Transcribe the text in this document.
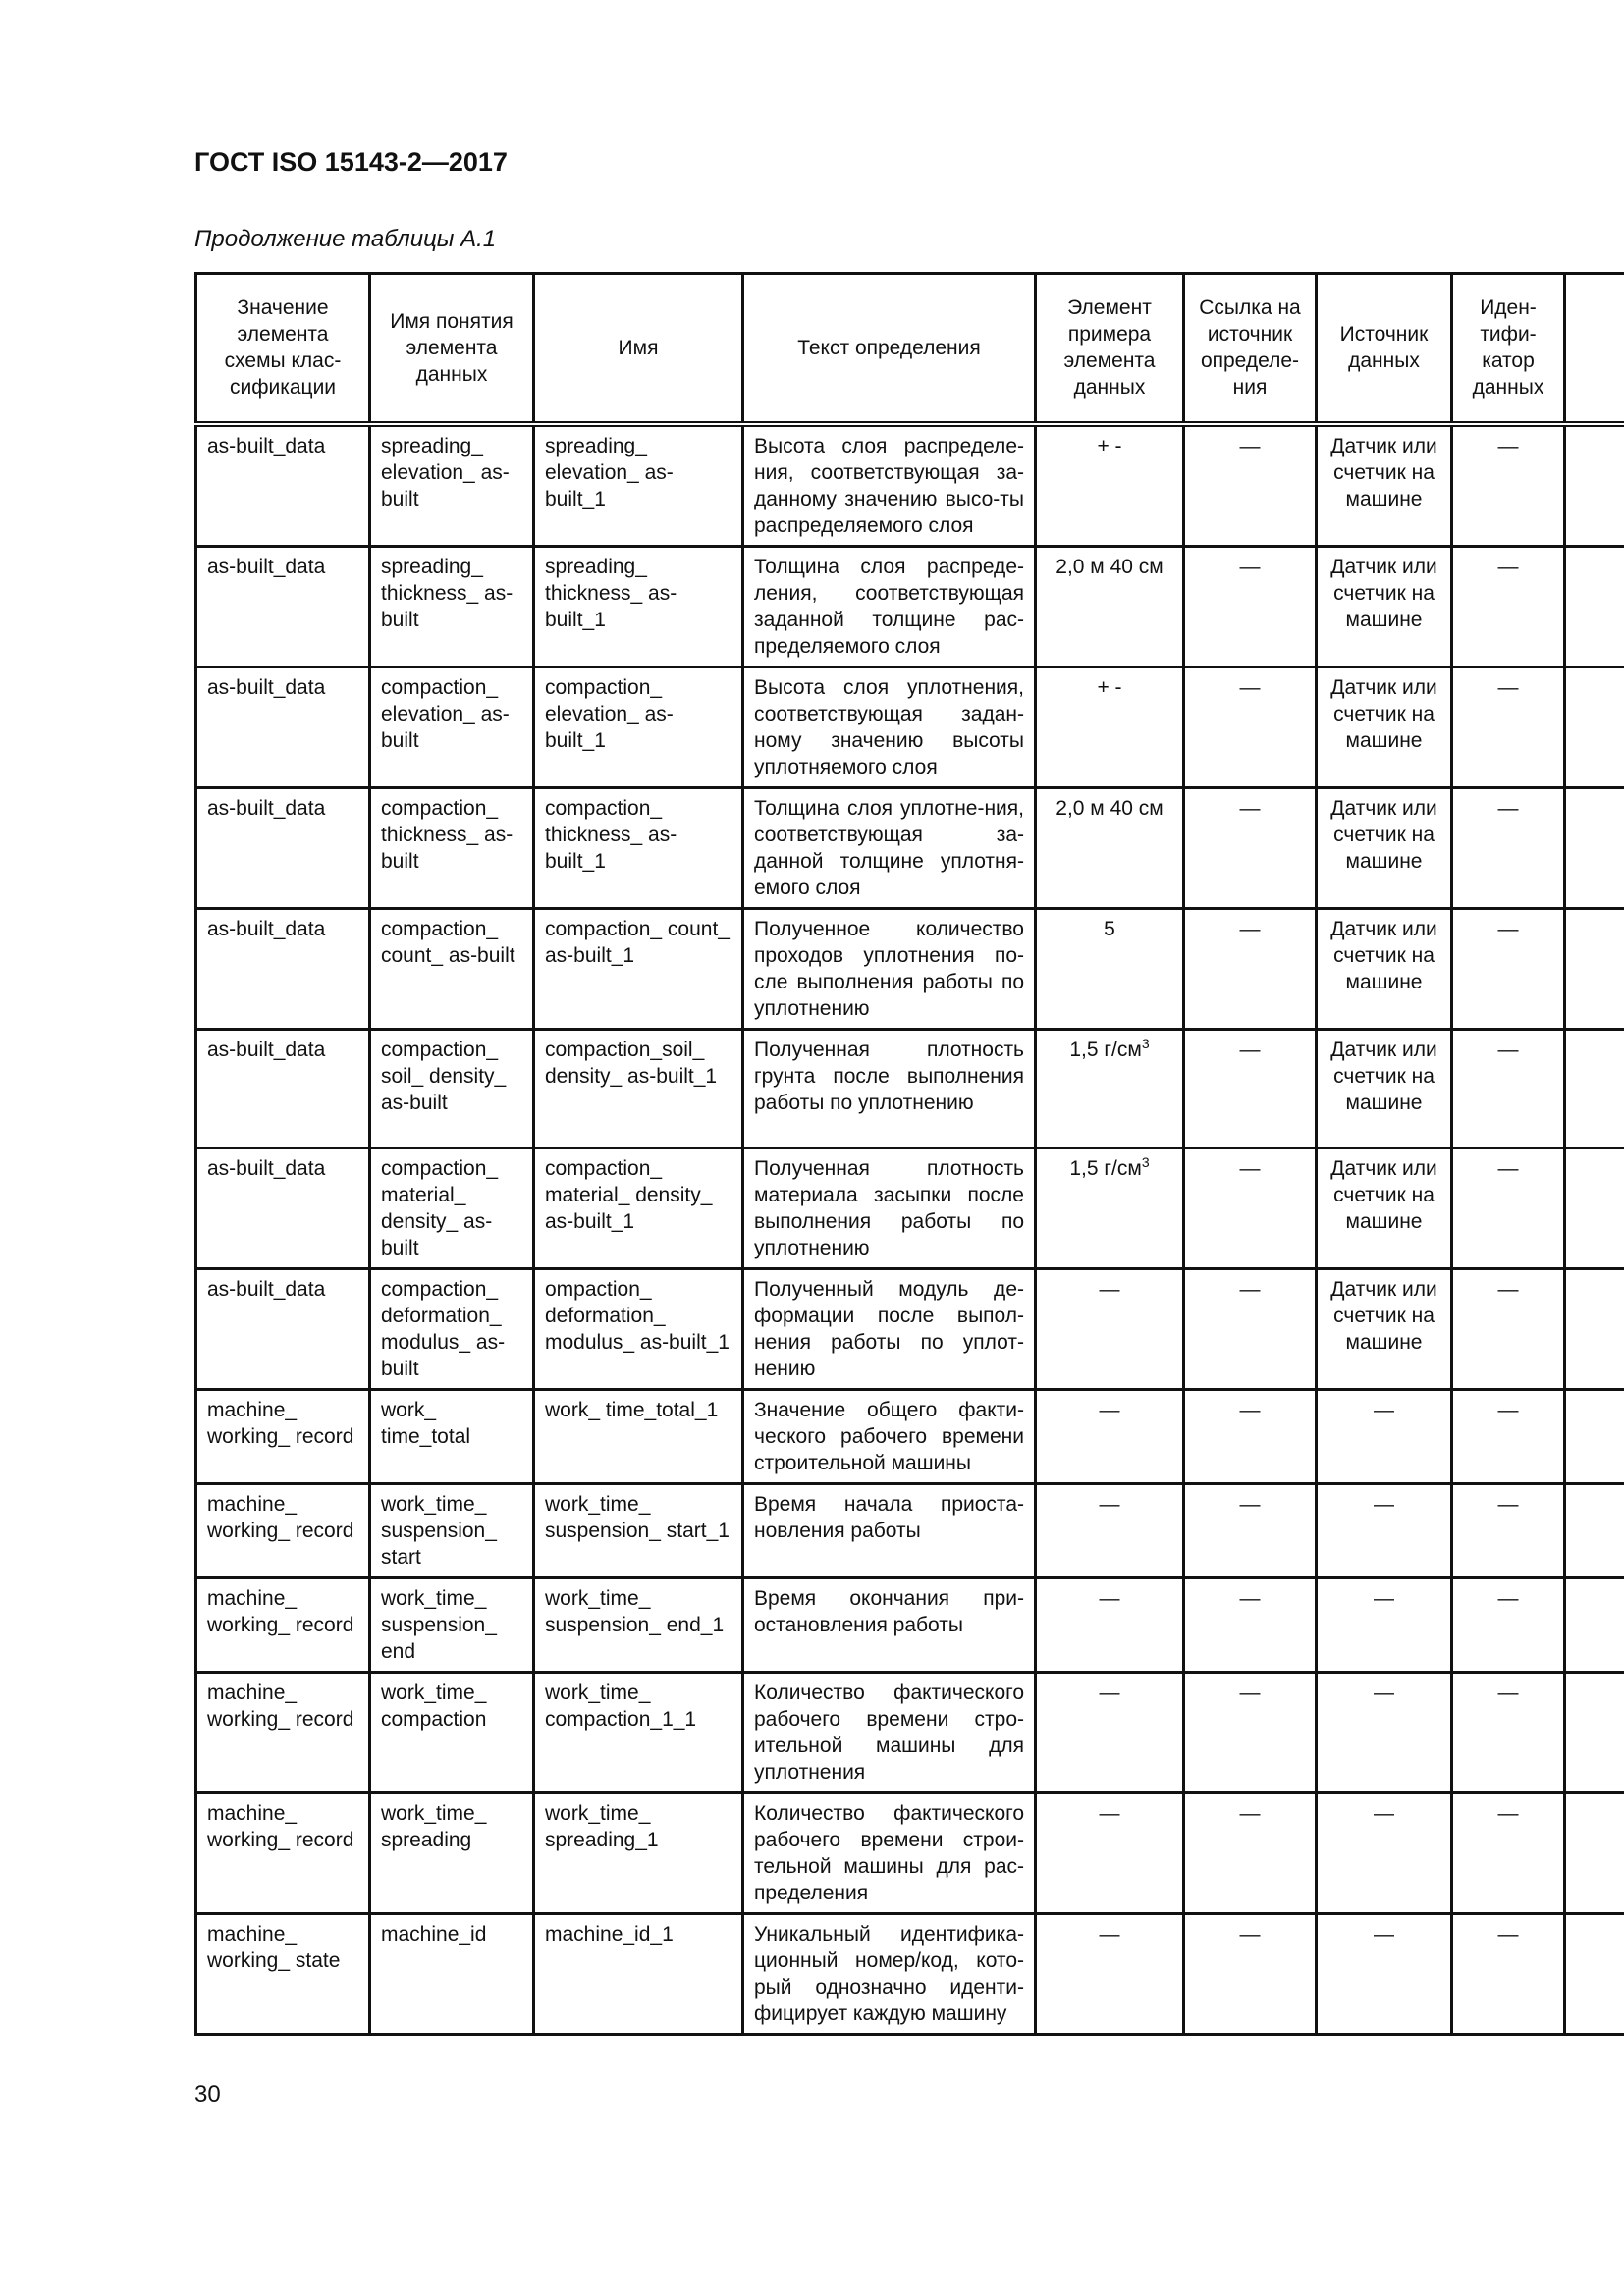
ГОСТ ISO 15143-2—2017
Продолжение таблицы А.1
Значение элемента схемы клас-сификации	Имя понятия элемента данных	Имя	Текст определения	Элемент примера элемента данных	Ссылка на источник определе-ния	Источник данных	Иден-тифи-катор данных	
as-built_data	spreading_ elevation_ as-built	spreading_ elevation_ as-built_1	Высота слоя распределе-ния, соответствующая за-данному значению высо-ты распределяемого слоя	+ -	—	Датчик или счетчик на машине	—	
as-built_data	spreading_ thickness_ as-built	spreading_ thickness_ as-built_1	Толщина слоя распреде-ления, соответствующая заданной толщине рас-пределяемого слоя	2,0 м 40 см	—	Датчик или счетчик на машине	—	
as-built_data	compaction_ elevation_ as-built	compaction_ elevation_ as-built_1	Высота слоя уплотнения, соответствующая задан-ному значению высоты уплотняемого слоя	+ -	—	Датчик или счетчик на машине	—	
as-built_data	compaction_ thickness_ as-built	compaction_ thickness_ as-built_1	Толщина слоя уплотне-ния, соответствующая за-данной толщине уплотня-емого слоя	2,0 м 40 см	—	Датчик или счетчик на машине	—	
as-built_data	compaction_ count_ as-built	compaction_ count_ as-built_1	Полученное количество проходов уплотнения по-сле выполнения работы по уплотнению	5	—	Датчик или счетчик на машине	—	
as-built_data	compaction_ soil_ density_ as-built	compaction_soil_ density_ as-built_1	Полученная плотность грунта после выполнения работы по уплотнению	1,5 $г/см^3$	—	Датчик или счетчик на машине	—	
as-built_data	compaction_ material_ density_ as-built	compaction_ material_ density_ as-built_1	Полученная плотность материала засыпки после выполнения работы по уплотнению	1,5 $г/см^3$	—	Датчик или счетчик на машине	—	
as-built_data	compaction_ deformation_ modulus_ as-built	ompaction_ deformation_ modulus_ as-built_1	Полученный модуль де-формации после выпол-нения работы по уплот-нению	—	—	Датчик или счетчик на машине	—	
machine_ working_ record	work_ time_total	work_ time_total_1	Значение общего факти-ческого рабочего времени строительной машины	—	—	—	—	
machine_ working_ record	work_time_ suspension_ start	work_time_ suspension_ start_1	Время начала приоста-новления работы	—	—	—	—	
machine_ working_ record	work_time_ suspension_ end	work_time_ suspension_ end_1	Время окончания при-остановления работы	—	—	—	—	
machine_ working_ record	work_time_ compaction	work_time_ compaction_1_1	Количество фактического рабочего времени стро-ительной машины для уплотнения	—	—	—	—	
machine_ working_ record	work_time_ spreading	work_time_ spreading_1	Количество фактического рабочего времени строи-тельной машины для рас-пределения	—	—	—	—	
machine_ working_ state	machine_id	machine_id_1	Уникальный идентифика-ционный номер/код, кото-рый однозначно иденти-фицирует каждую машину	—	—	—	—	
30
